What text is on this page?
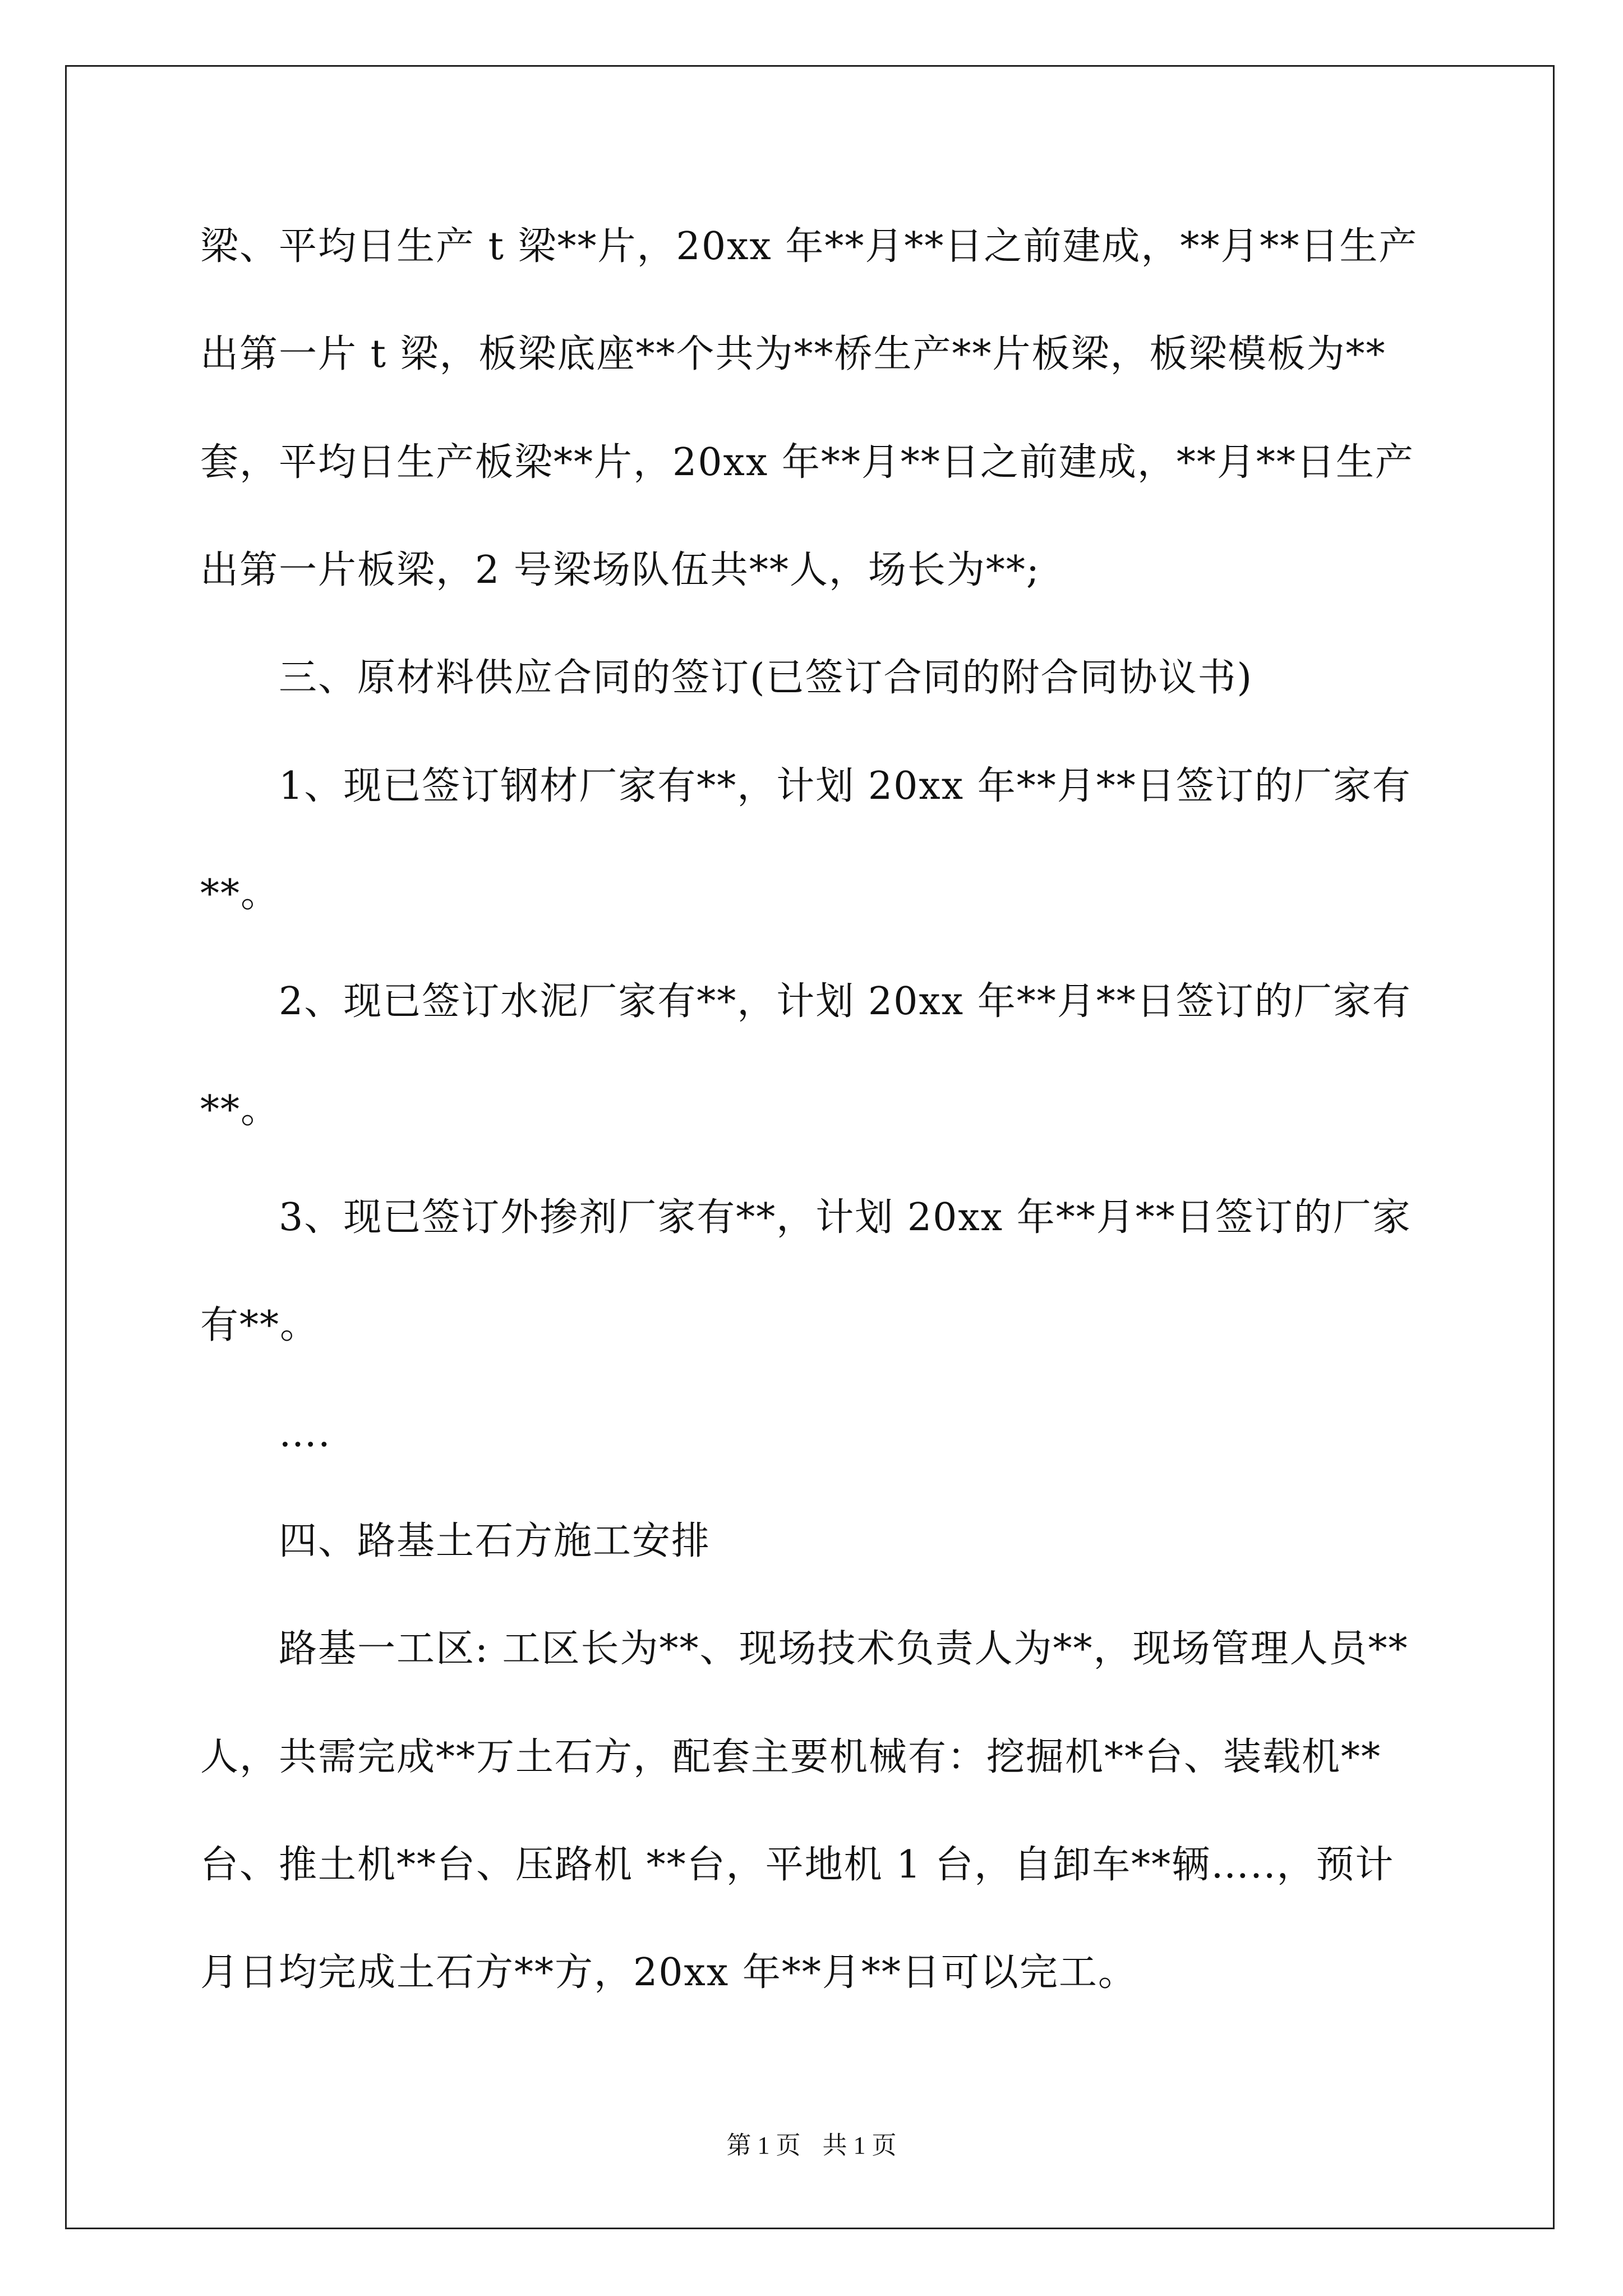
梁、平均日生产 t 梁**片，20xx 年**月**日之前建成，**月**日生产
出第一片 t 梁，板梁底座**个共为**桥生产**片板梁，板梁模板为**
套，平均日生产板梁**片，20xx 年**月**日之前建成，**月**日生产
出第一片板梁，2 号梁场队伍共**人，场长为**;
三、原材料供应合同的签订(已签订合同的附合同协议书)
1、现已签订钢材厂家有**，计划 20xx 年**月**日签订的厂家有
**。
2、现已签订水泥厂家有**，计划 20xx 年**月**日签订的厂家有
**。
3、现已签订外掺剂厂家有**，计划 20xx 年**月**日签订的厂家
有**。
….
四、路基土石方施工安排
路基一工区: 工区长为**、现场技术负责人为**，现场管理人员**
人，共需完成**万土石方，配套主要机械有：挖掘机**台、装载机**
台、推土机**台、压路机 **台，平地机 1 台，自卸车**辆…..，预计
月日均完成土石方**方，20xx 年**月**日可以完工。
第 1 页 共 1 页
